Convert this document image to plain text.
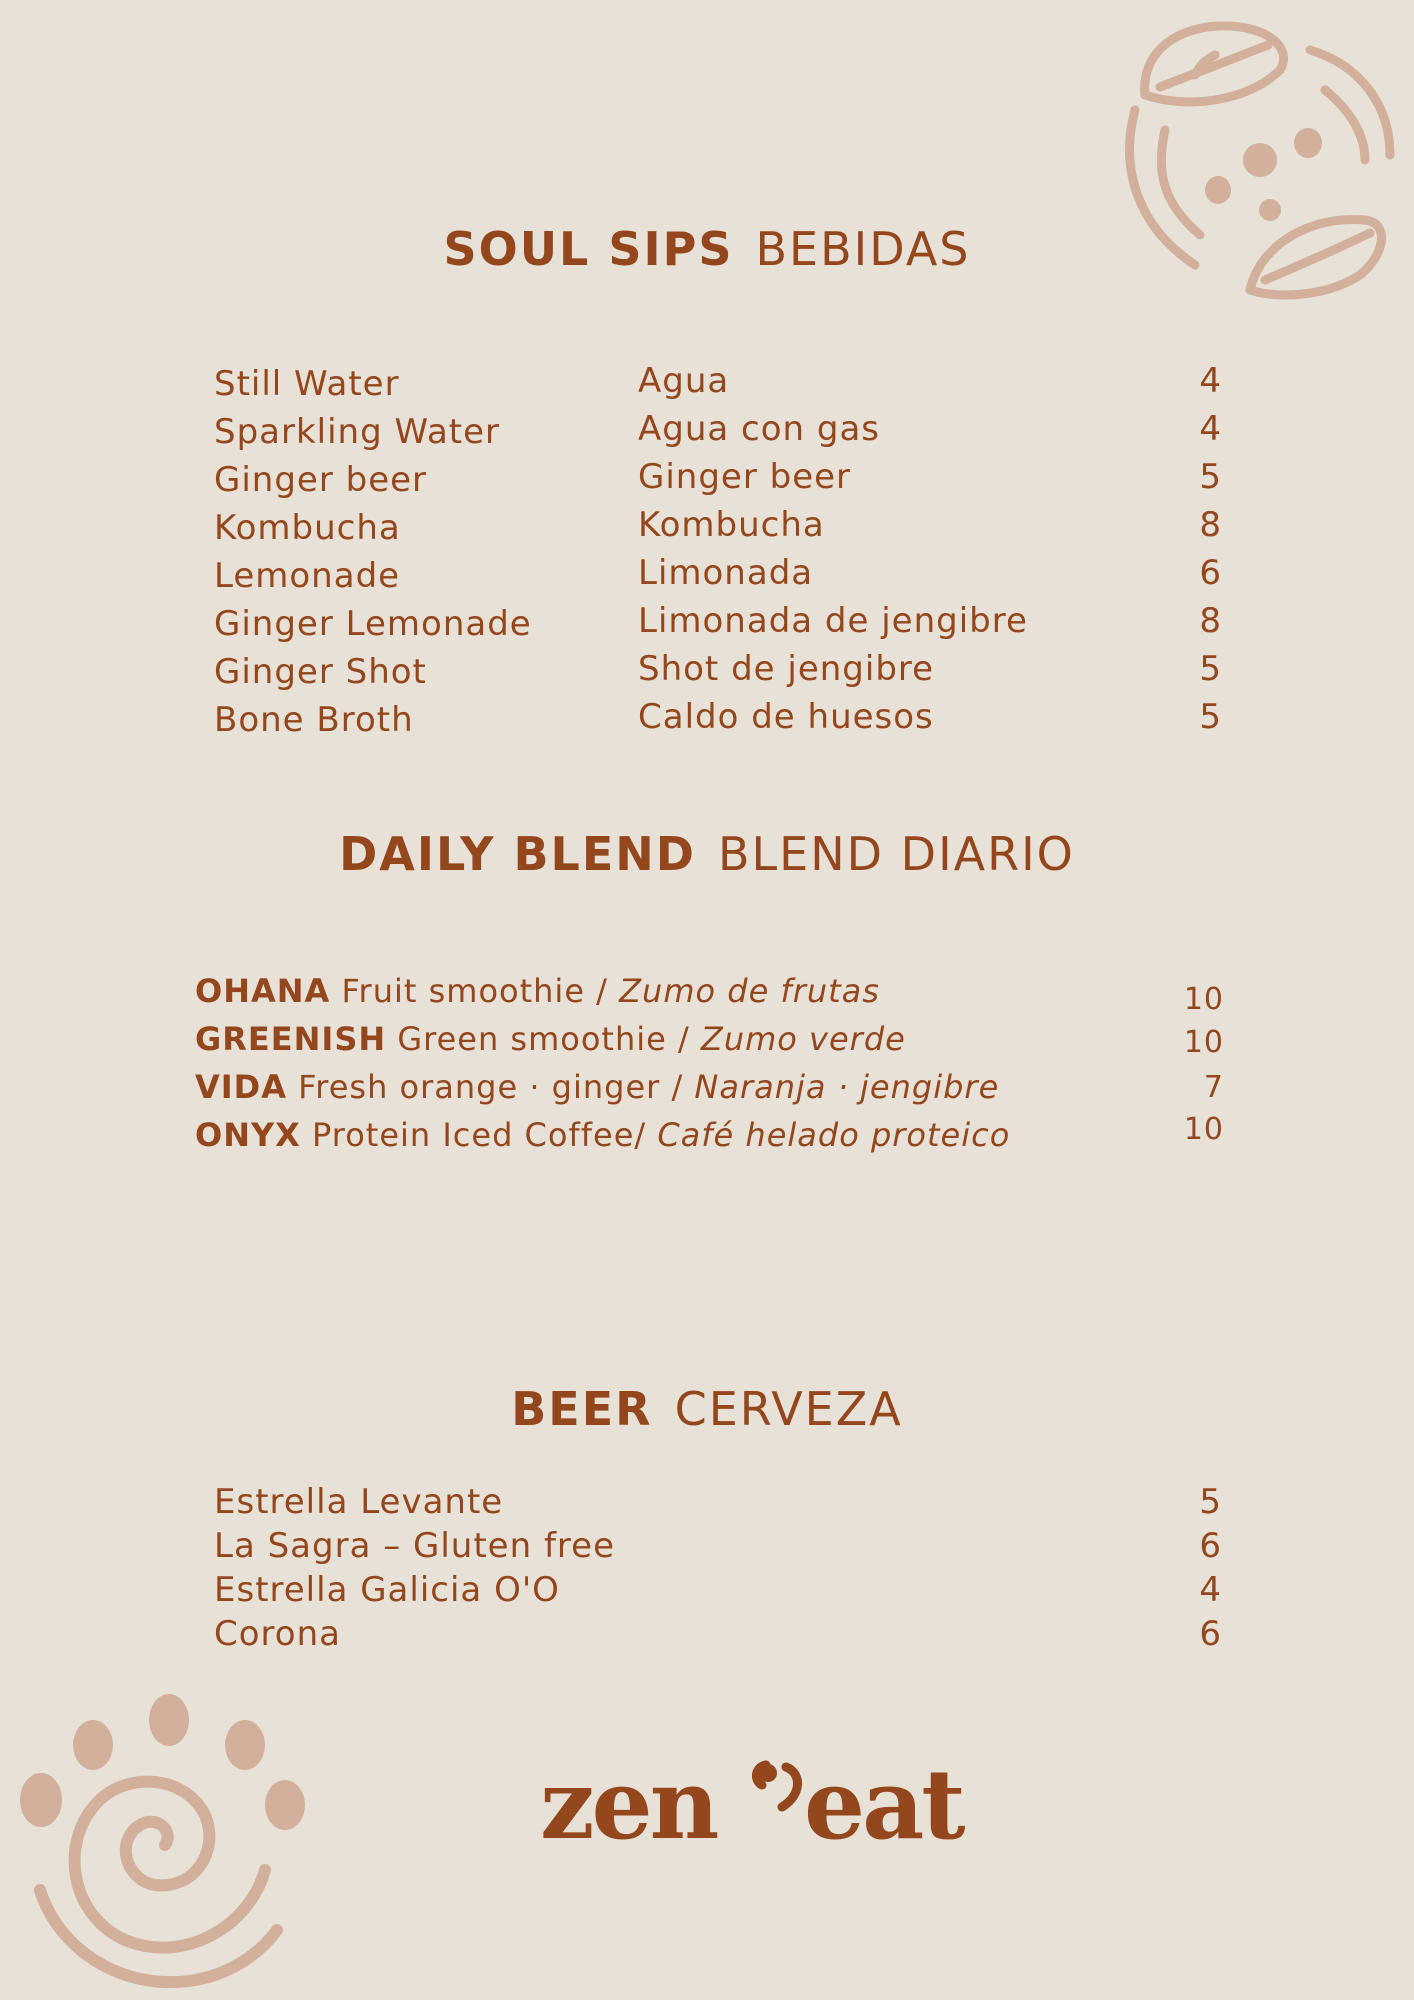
SOUL SIPS BEBIDAS
Still Water	Agua	4
Sparkling Water	Agua con gas	4
Ginger beer	Ginger beer	5
Kombucha	Kombucha	8
Lemonade	Limonada	6
Ginger Lemonade	Limonada de jengibre	8
Ginger Shot	Shot de jengibre	5
Bone Broth	Caldo de huesos	5
DAILY BLEND BLEND DIARIO
OHANA Fruit smoothie / Zumo de frutas	10
GREENISH Green smoothie / Zumo verde	10
VIDA Fresh orange · ginger / Naranja · jengibre	7
ONYX Protein Iced Coffee/ Café helado proteico	10
BEER CERVEZA
Estrella Levante	5
La Sagra – Gluten free	6
Estrella Galicia O'O	4
Corona	6
zen eat
